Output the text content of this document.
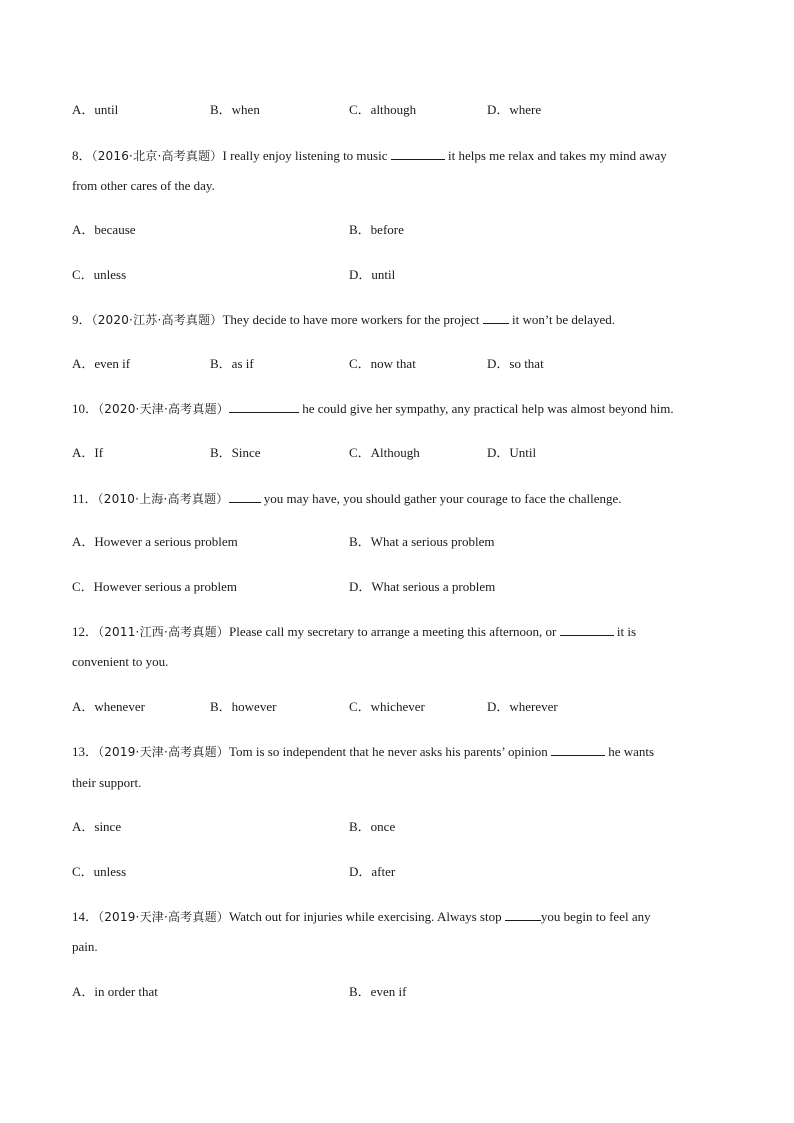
A．until	B．when	C．although	D．where
8．（2016·北京·高考真题）I really enjoy listening to music	it helps me relax and takes my mind away
from other cares of the day.
A．because	B．before
C．unless	D．until
9．（2020·江苏·高考真题）They decide to have more workers for the project  it won’t be delayed.
A．even if	B．as if	C．now that	D．so that
10．（2020·天津·高考真题）	he could give her sympathy, any practical help was almost beyond him.
A．If	B．Since	C．Although	D．Until
11．（2010·上海·高考真题） you may have, you should gather your courage to face the challenge.
A．However a serious problem	B．What a serious problem
C．However serious a problem	D．What serious a problem
12．（2011·江西·高考真题）Please call my secretary to arrange a meeting this afternoon, or	it is
convenient to you.
A．whenever	B．however	C．whichever	D．wherever
13．（2019·天津·高考真题）Tom is so independent that he never asks his parents’ opinion	he wants
their support.
A．since	B．once
C．unless	D．after
14．（2019·天津·高考真题）Watch out for injuries while exercising. Always stop	you begin to feel any
pain.
A．in order that	B．even if
